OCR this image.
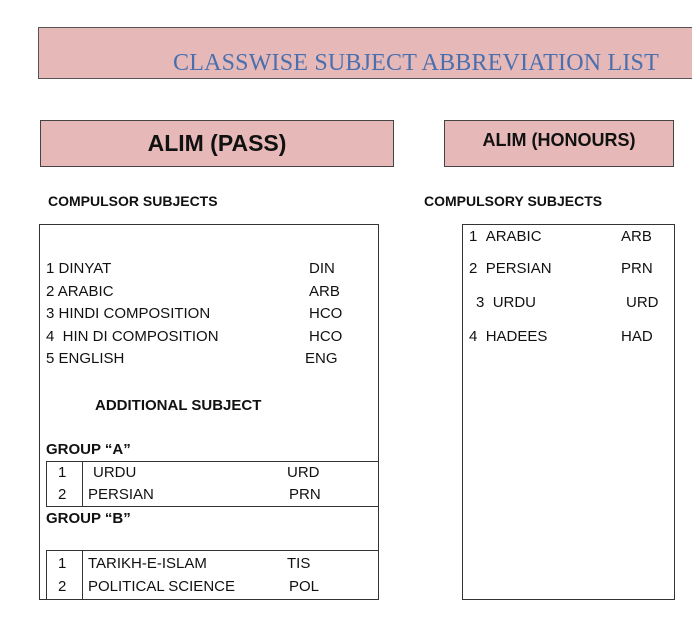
CLASSWISE SUBJECT ABBREVIATION LIST
ALIM (PASS)	ALIM (HONOURS)
COMPULSOR SUBJECTS	COMPULSORY SUBJECTS
1 DINYAT	DIN
2 ARABIC	ARB
3 HINDI COMPOSITION	HCO
4  HIN DI COMPOSITION	HCO
5 ENGLISH	ENG
ADDITIONAL SUBJECT
GROUP “A”
1 URDU	URD
2 PERSIAN	PRN
GROUP “B”
1 TARIKH-E-ISLAM	TIS
2 POLITICAL SCIENCE	POL
1 ARABIC	ARB
2 PERSIAN	PRN
3 URDU	URD
4 HADEES	HAD
